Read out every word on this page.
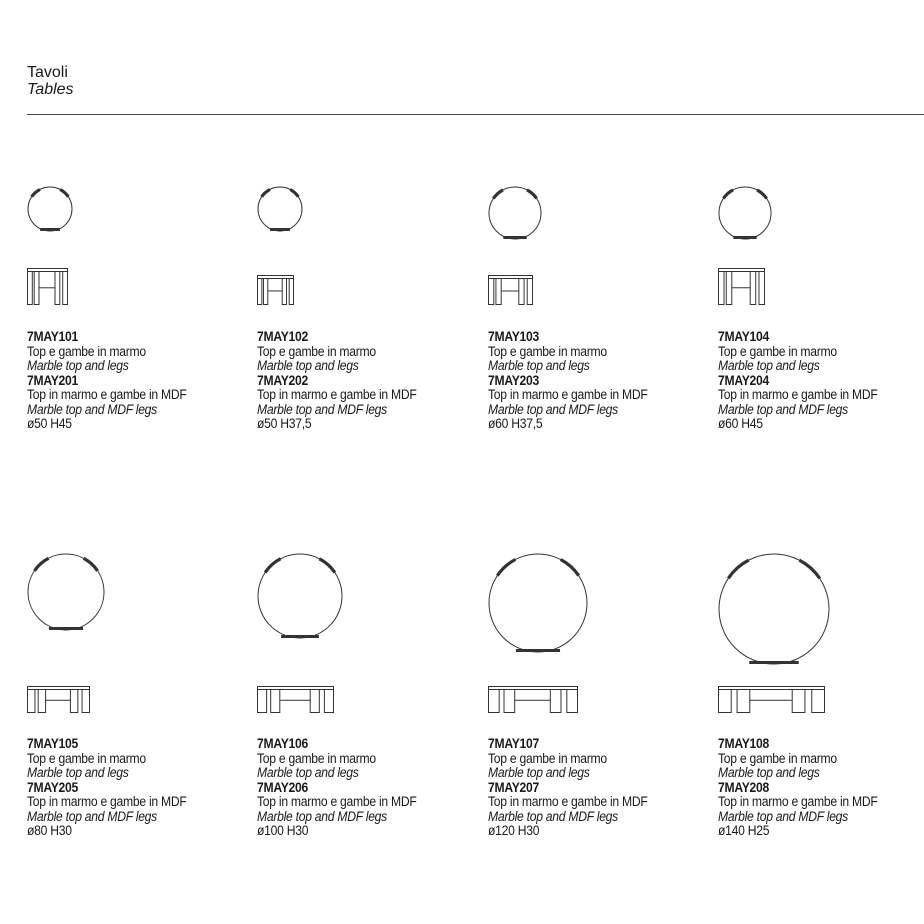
Tavoli
Tables
7MAY101
Top e gambe in marmo
Marble top and legs
7MAY201
Top in marmo e gambe in MDF
Marble top and MDF legs
ø50 H45
7MAY102
Top e gambe in marmo
Marble top and legs
7MAY202
Top in marmo e gambe in MDF
Marble top and MDF legs
ø50 H37,5
7MAY103
Top e gambe in marmo
Marble top and legs
7MAY203
Top in marmo e gambe in MDF
Marble top and MDF legs
ø60 H37,5
7MAY104
Top e gambe in marmo
Marble top and legs
7MAY204
Top in marmo e gambe in MDF
Marble top and MDF legs
ø60 H45
7MAY105
Top e gambe in marmo
Marble top and legs
7MAY205
Top in marmo e gambe in MDF
Marble top and MDF legs
ø80 H30
7MAY106
Top e gambe in marmo
Marble top and legs
7MAY206
Top in marmo e gambe in MDF
Marble top and MDF legs
ø100 H30
7MAY107
Top e gambe in marmo
Marble top and legs
7MAY207
Top in marmo e gambe in MDF
Marble top and MDF legs
ø120 H30
7MAY108
Top e gambe in marmo
Marble top and legs
7MAY208
Top in marmo e gambe in MDF
Marble top and MDF legs
ø140 H25
